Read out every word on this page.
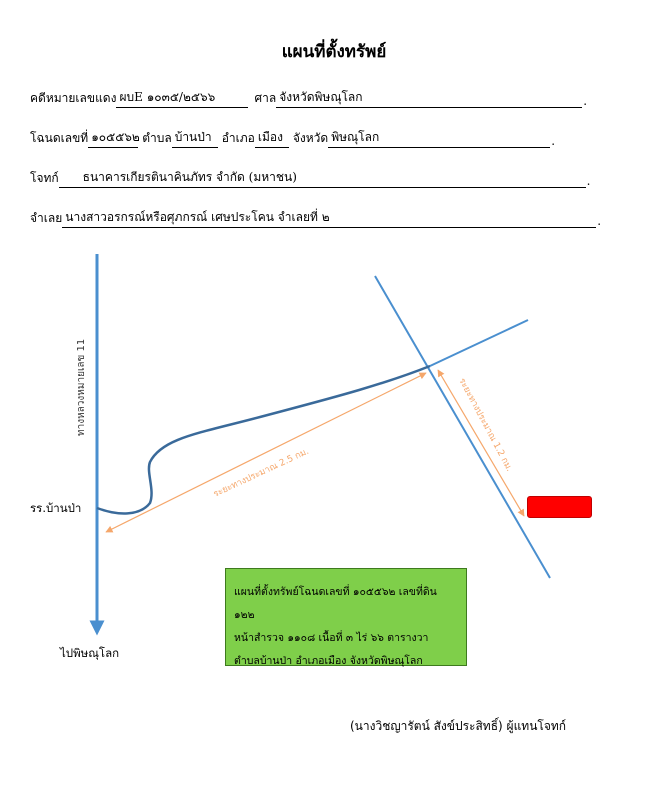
แผนที่ตั้งทรัพย์
คดีหมายเลขแดง ผบE ๑๐๓๕/๒๕๖๖	ศาล จังหวัดพิษณุโลก	.
โฉนดเลขที่ ๑๐๕๕๖๒ ตำบล บ้านป่า อำเภอ เมือง จังหวัด พิษณุโลก	.
โจทก์	ธนาคารเกียรตินาคินภัทร จำกัด (มหาชน)	.
จำเลย นางสาวอรกรณ์หรือศุภกรณ์ เศษประโคน จำเลยที่ ๒	.
ทางหลวงหมายเลข 11
รร.บ้านป่า
ไปพิษณุโลก
ระยะทางประมาณ 2.5 กม.	ระยะทางประมาณ 1.2 กม.
แผนที่ตั้งทรัพย์โฉนดเลขที่ ๑๐๕๕๖๒ เลขที่ดิน ๑๒๒
หน้าสำรวจ ๑๑๐๘ เนื้อที่ ๓ ไร่ ๖๖ ตารางวา
ตำบลบ้านป่า อำเภอเมือง จังหวัดพิษณุโลก
(นางวิชญารัตน์ สังข์ประสิทธิ์) ผู้แทนโจทก์
